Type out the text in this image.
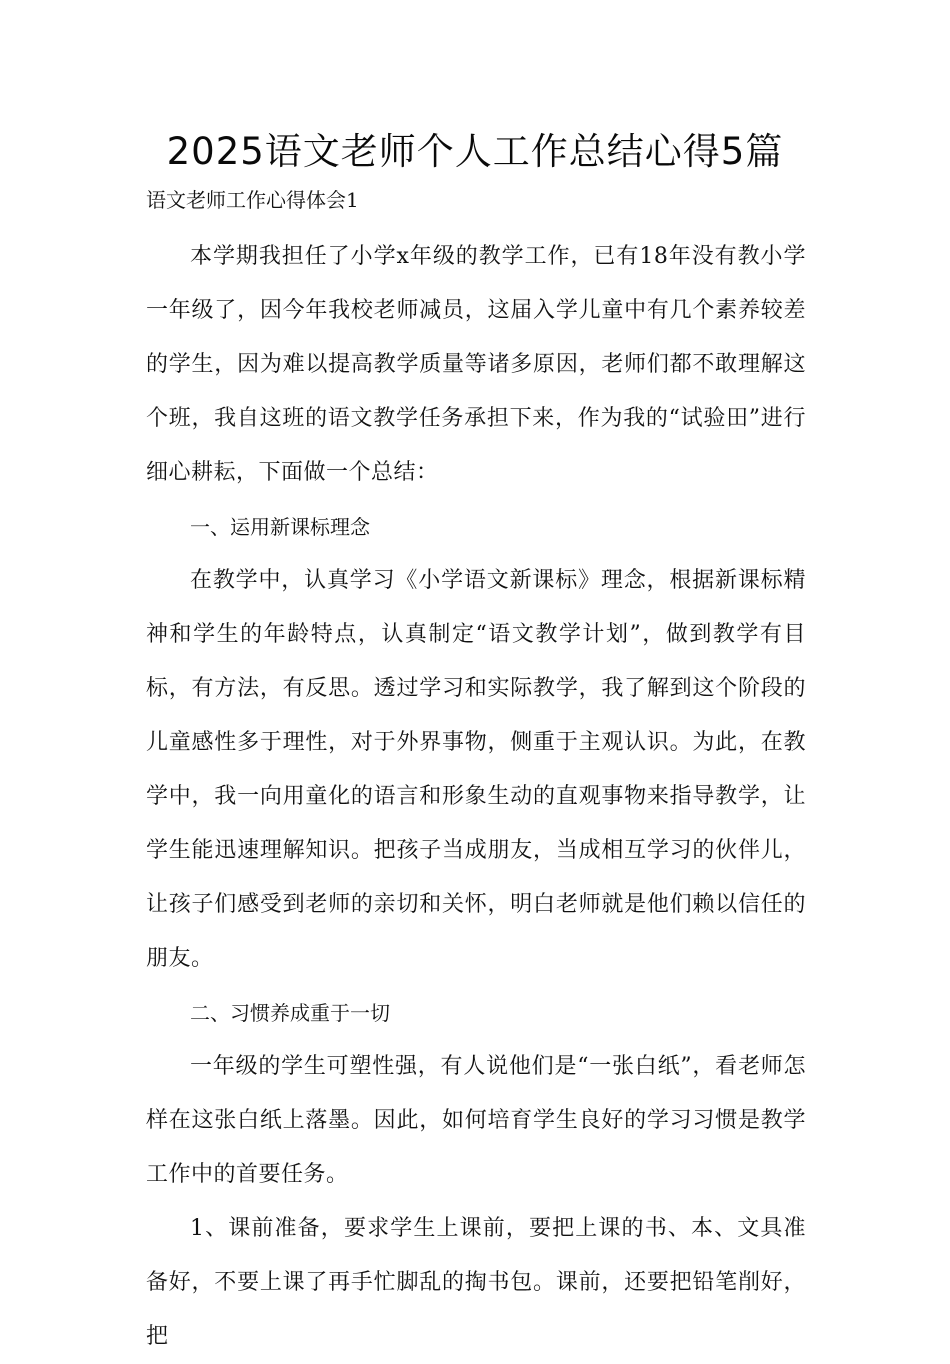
2025语文老师个人工作总结心得5篇

语文老师工作心得体会1

本学期我担任了小学x年级的教学工作，已有18年没有教小学一年级了，因今年我校老师减员，这届入学儿童中有几个素养较差的学生，因为难以提高教学质量等诸多原因，老师们都不敢理解这个班，我自这班的语文教学任务承担下来，作为我的“试验田”进行细心耕耘，下面做一个总结：

一、运用新课标理念

在教学中，认真学习《小学语文新课标》理念，根据新课标精神和学生的年龄特点，认真制定“语文教学计划”，做到教学有目标，有方法，有反思。透过学习和实际教学，我了解到这个阶段的儿童感性多于理性，对于外界事物，侧重于主观认识。为此，在教学中，我一向用童化的语言和形象生动的直观事物来指导教学，让学生能迅速理解知识。把孩子当成朋友，当成相互学习的伙伴儿，让孩子们感受到老师的亲切和关怀，明白老师就是他们赖以信任的朋友。

二、习惯养成重于一切

一年级的学生可塑性强，有人说他们是“一张白纸”，看老师怎样在这张白纸上落墨。因此，如何培育学生良好的学习习惯是教学工作中的首要任务。

1、课前准备，要求学生上课前，要把上课的书、本、文具准备好，不要上课了再手忙脚乱的掏书包。课前，还要把铅笔削好，把
